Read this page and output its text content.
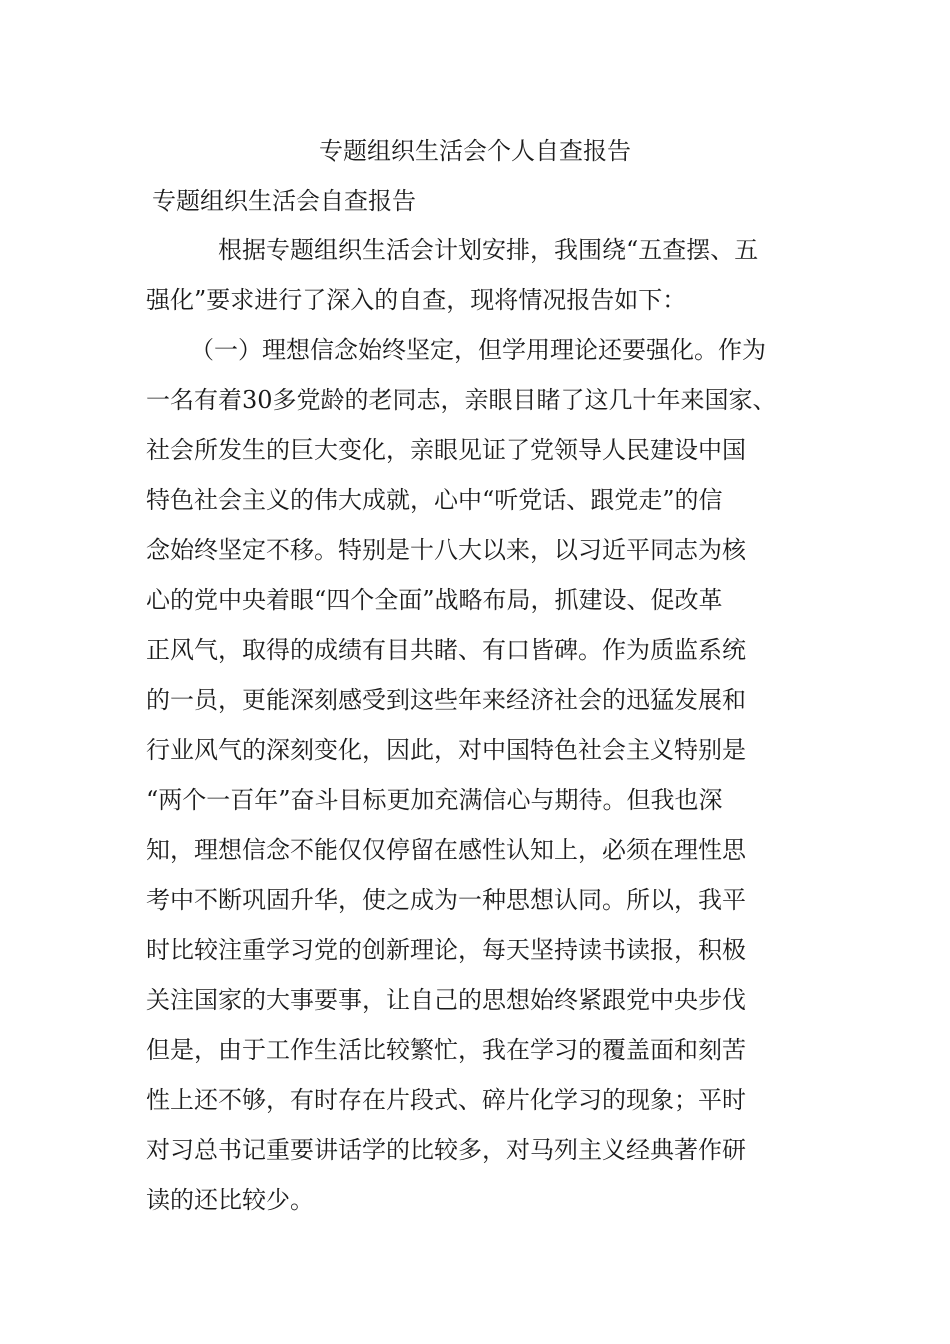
专题组织生活会个人自查报告

专题组织生活会自查报告

根据专题组织生活会计划安排，我围绕“五查摆、五
强化”要求进行了深入的自查，现将情况报告如下：
（一）理想信念始终坚定，但学用理论还要强化。作为
一名有着30多党龄的老同志，亲眼目睹了这几十年来国家、
社会所发生的巨大变化，亲眼见证了党领导人民建设中国
特色社会主义的伟大成就，心中“听党话、跟党走”的信
念始终坚定不移。特别是十八大以来，以习近平同志为核
心的党中央着眼“四个全面”战略布局，抓建设、促改革
正风气，取得的成绩有目共睹、有口皆碑。作为质监系统
的一员，更能深刻感受到这些年来经济社会的迅猛发展和
行业风气的深刻变化，因此，对中国特色社会主义特别是
“两个一百年”奋斗目标更加充满信心与期待。但我也深
知，理想信念不能仅仅停留在感性认知上，必须在理性思
考中不断巩固升华，使之成为一种思想认同。所以，我平
时比较注重学习党的创新理论，每天坚持读书读报，积极
关注国家的大事要事，让自己的思想始终紧跟党中央步伐
但是，由于工作生活比较繁忙，我在学习的覆盖面和刻苦
性上还不够，有时存在片段式、碎片化学习的现象；平时
对习总书记重要讲话学的比较多，对马列主义经典著作研
读的还比较少。
